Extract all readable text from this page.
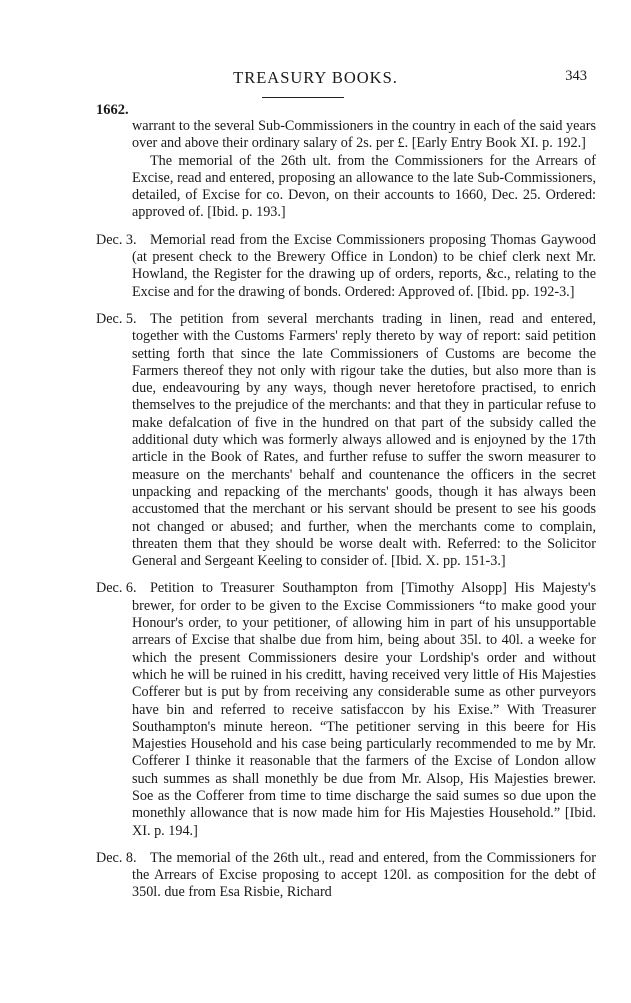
TREASURY BOOKS.	343
1662.

warrant to the several Sub-Commissioners in the country in each of the said years over and above their ordinary salary of 2s. per £. [Early Entry Book XI. p. 192.]

The memorial of the 26th ult. from the Commissioners for the Arrears of Excise, read and entered, proposing an allowance to the late Sub-Commissioners, detailed, of Excise for co. Devon, on their accounts to 1660, Dec. 25. Ordered: approved of. [Ibid. p. 193.]

Dec. 3. Memorial read from the Excise Commissioners proposing Thomas Gaywood (at present check to the Brewery Office in London) to be chief clerk next Mr. Howland, the Register for the drawing up of orders, reports, &c., relating to the Excise and for the drawing of bonds. Ordered: Approved of. [Ibid. pp. 192-3.]

Dec. 5. The petition from several merchants trading in linen, read and entered, together with the Customs Farmers' reply thereto by way of report: said petition setting forth that since the late Commissioners of Customs are become the Farmers thereof they not only with rigour take the duties, but also more than is due, endeavouring by any ways, though never heretofore practised, to enrich themselves to the prejudice of the merchants: and that they in particular refuse to make defalcation of five in the hundred on that part of the subsidy called the additional duty which was formerly always allowed and is enjoyned by the 17th article in the Book of Rates, and further refuse to suffer the sworn measurer to measure on the merchants' behalf and countenance the officers in the secret unpacking and repacking of the merchants' goods, though it has always been accustomed that the merchant or his servant should be present to see his goods not changed or abused; and further, when the merchants come to complain, threaten them that they should be worse dealt with. Referred: to the Solicitor General and Sergeant Keeling to consider of. [Ibid. X. pp. 151-3.]

Dec. 6. Petition to Treasurer Southampton from [Timothy Alsopp] His Majesty's brewer, for order to be given to the Excise Commissioners “to make good your Honour's order, to your petitioner, of allowing him in part of his unsupportable arrears of Excise that shalbe due from him, being about 35l. to 40l. a weeke for which the present Commissioners desire your Lordship's order and without which he will be ruined in his creditt, having received very little of His Majesties Cofferer but is put by from receiving any considerable sume as other purveyors have bin and referred to receive satisfaccon by his Exise.” With Treasurer Southampton's minute hereon. “The petitioner serving in this beere for His Majesties Household and his case being particularly recommended to me by Mr. Cofferer I thinke it reasonable that the farmers of the Excise of London allow such summes as shall monethly be due from Mr. Alsop, His Majesties brewer. Soe as the Cofferer from time to time discharge the said sumes so due upon the monethly allowance that is now made him for His Majesties Household.” [Ibid. XI. p. 194.]

Dec. 8. The memorial of the 26th ult., read and entered, from the Commissioners for the Arrears of Excise proposing to accept 120l. as composition for the debt of 350l. due from Esa Risbie, Richard
